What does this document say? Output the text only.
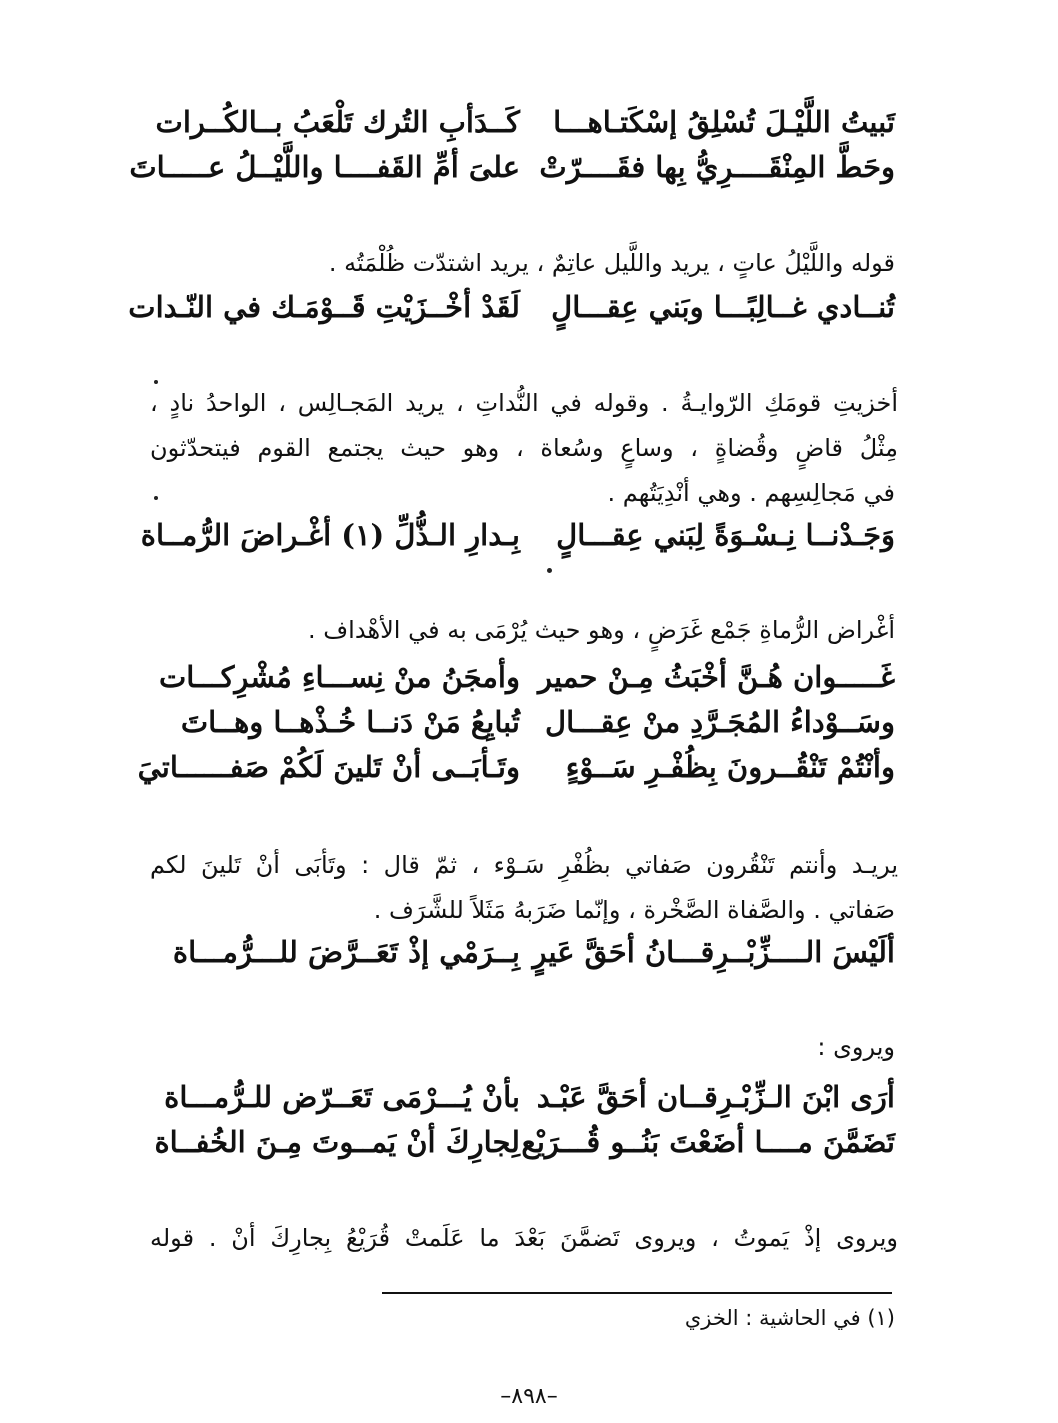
تَبيتُ اللَّيْـلَ تُسْلِقُ إسْكَتـاهـــا
كَــدَأبِ التُرك تَلْعَبُ بــالكُــرات
وحَطَّ المِنْقَــــرِيُّ بِها فقَــــرّتْ
علىَ أمِّ القَفــــا واللَّيْــلُ عـــــاتَ
قوله واللَّيْلُ عاتٍ ، يريد واللَّيل عاتِمٌ ، يريد اشتدّت ظُلْمَتُه .
تُنــادي غــالِبًـــا وبَني عِقـــالٍ
لَقَدْ أخْــزَيْتِ قَــوْمَـك في النّـدات
أخزيتِ قومَكِ الرّوايـةُ . وقوله في النُّداتِ ، يريد المَجـالِس ، الواحدُ نادٍ ،
مِثْلُ قاضٍ وقُضاةٍ ، وساعٍ وسُعاة ، وهو حيث يجتمع القوم فيتحدّثون
في مَجالِسِهم . وهي أنْدِيَتُهم .
وَجَـدْنــا نِـسْـوَةً لِبَني عِقـــالٍ
بِـدارِ الـذُّلِّ (١) أغْـراضَ الرُّمــاة
أغْراض الرُّماةِ جَمْع غَرَضٍ ، وهو حيث يُرْمَى به في الأهْداف .
غَـــــوان هُـنَّ أخْبَثُ مِـنْ حمير
وأمجَنُ منْ نِســـاءِ مُشْرِكـــات
وسَــوْداءُ المُجَـرَّدِ منْ عِقـــال
تُبايِعُ مَنْ دَنــا خُـذْهــا وهــاتَ
وأنْتُمْ تَنْقُــرونَ بِظُفْـرِ سَــوْءٍ
وتَـأبَــى أنْ تَلينَ لَكُمْ صَفــــــاتيَ
يريـد وأنتم تَنْقُرون صَفاتي بظُفْرِ سَـوْء ، ثمّ قال : وتَأبَى أنْ تَلينَ لكم
صَفاتي . والصَّفاة الصَّخْرة ، وإنّما ضَرَبهُ مَثَلاً للشَّرَف .
ألَيْسَ الــــزِّبْــرِقـــانُ أحَقَّ عَيرٍ
بِــرَمْي إذْ تَعَــرَّضَ للـــرُّمـــاة
ويروى :
أرَى ابْنَ الـزِّبْـرِقــان أحَقَّ عَبْـد
بأنْ يُـــرْمَى تَعَــرّض للـرُّمـــاة
تَضَمَّنَ مــــا أضَعْتَ بَنُــو قُـــرَيْع
لِجارِكَ أنْ يَمــوتَ مِـنَ الخُفــاة
ويروى إذْ يَموتُ ، ويروى تَضمَّنَ بَعْدَ ما عَلَمتْ قُرَيْعُ بِجارِكَ أنْ . قوله
(١) في الحاشية : الخزي
–٨٩٨–
